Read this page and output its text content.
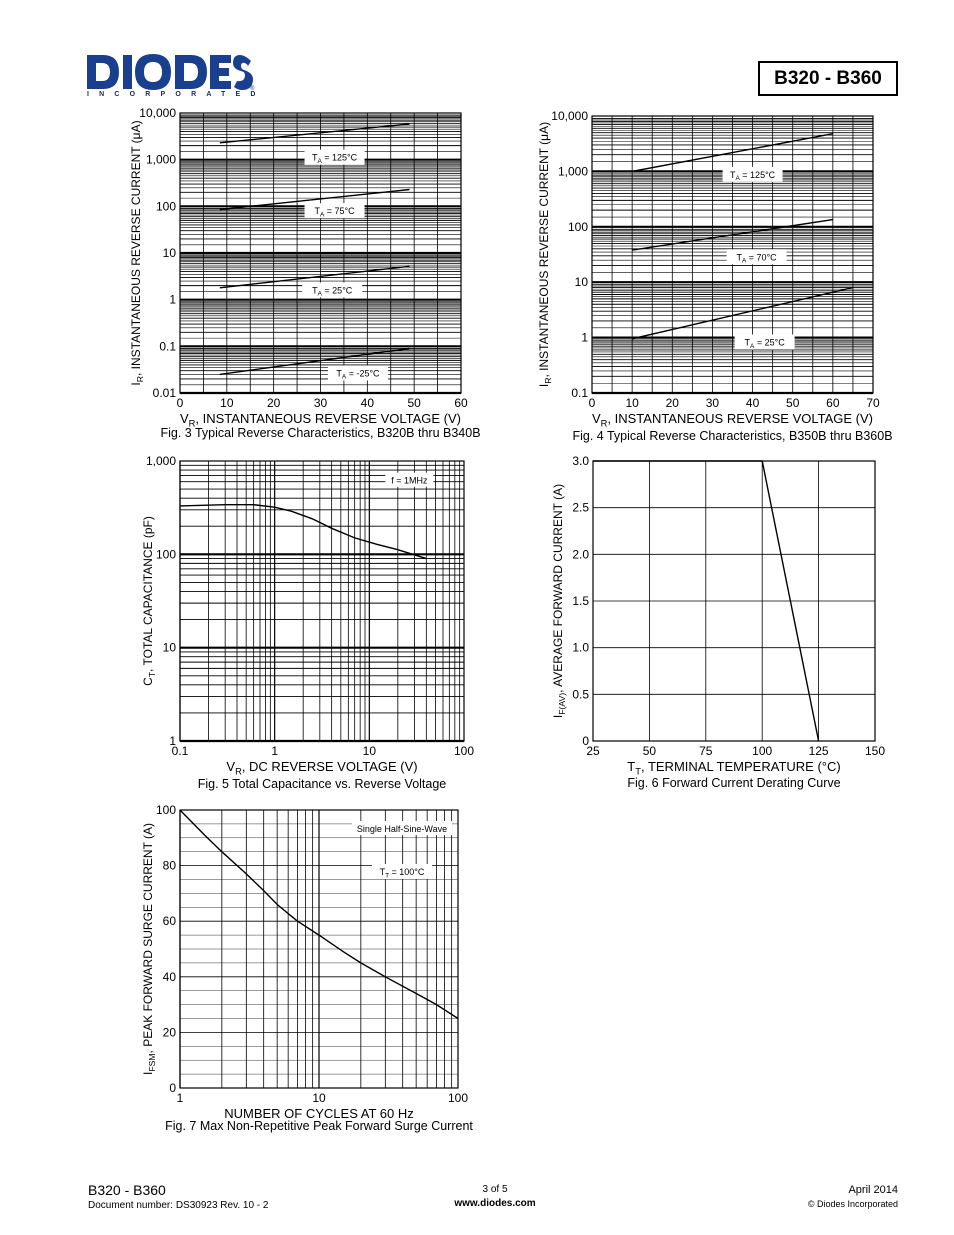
INCORPORATED
®	B320 - B360
0	10	20	30	40	50	60
0.01
0.1
1
10
100
1,000
10,000
$V_R$, INSTANTANEOUS REVERSE VOLTAGE (V)
$I_R$, INSTANTANEOUS REVERSE CURRENT (μA)
Fig. 3 Typical Reverse Characteristics, B320B thru B340B
$T_A = 125^\circ C$
$T_A = 75^\circ C$
$T_A = 25^\circ C$
$T_A = -25^\circ C$
0	10 20 30 40 50 60 70
0.1
1
10
100
1,000
10,000
$V_R$, INSTANTANEOUS REVERSE VOLTAGE (V)
$I_R$, INSTANTANEOUS REVERSE CURRENT (μA)
Fig. 4 Typical Reverse Characteristics, B350B thru B360B
$T_A = 125^\circ C$
$T_A = 70^\circ C$
$T_A = 25^\circ C$
0.1	1	10	100
1
10
100
1,000
$V_R$, DC REVERSE VOLTAGE (V)
$C_T$, TOTAL CAPACITANCE (pF)
Fig. 5 Total Capacitance vs. Reverse Voltage
f = 1MHz
25	50	75	100	125	150
0
0.5
1.0
1.5
2.0
2.5
3.0
$T_T$, TERMINAL TEMPERATURE (°C)
$I_{F(AV)}$, AVERAGE FORWARD CURRENT (A)
Fig. 6 Forward Current Derating Curve
1	10	100
0
20
40
60
80
100
NUMBER OF CYCLES AT 60 Hz
$I_{FSM}$, PEAK FORWARD SURGE CURRENT (A)
Fig. 7 Max Non-Repetitive Peak Forward Surge Current
Single Half-Sine-Wave
$T_T = 100^\circ C$
B320 - B360
Document number: DS30923 Rev. 10 - 2
3 of 5
www.diodes.com
April 2014
© Diodes Incorporated
